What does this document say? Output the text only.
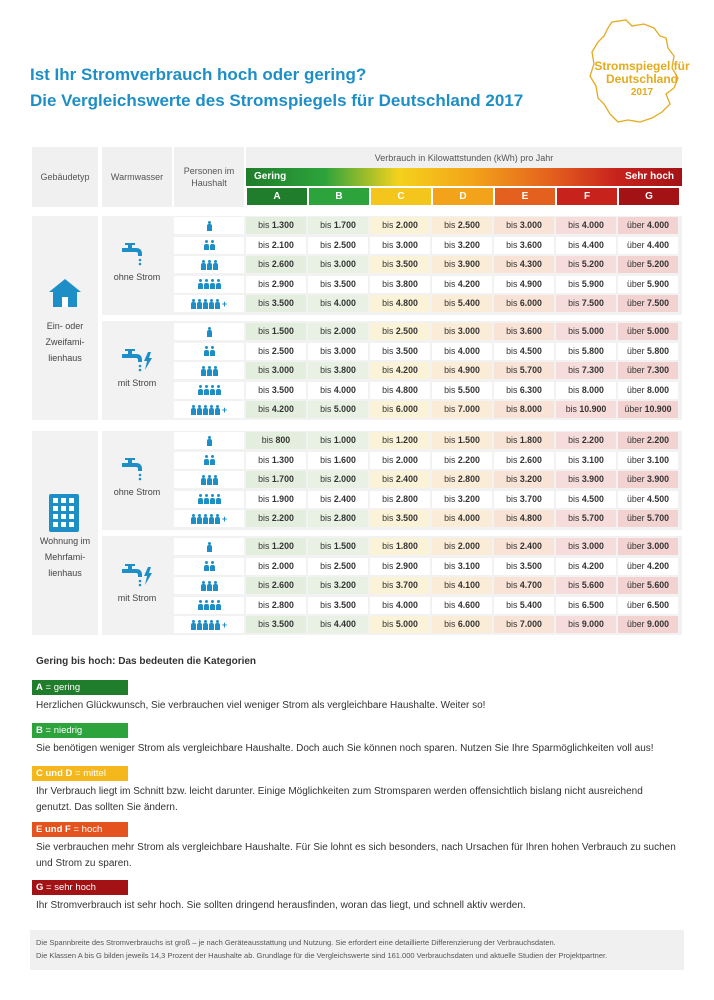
Ist Ihr Stromverbrauch hoch oder gering?
Die Vergleichswerte des Stromspiegels für Deutschland 2017
Stromspiegel für
Deutschland
2017
Gebäudetyp	Warmwasser
Personen im Haushalt
Verbrauch in Kilowattstunden (kWh) pro Jahr
Gering	Sehr hoch
A	B	C	D	E	F	G
Ein- oder
Zweifami-
lienhaus
ohne Strom
bis 1.300	bis 1.700	bis 2.000	bis 2.500	bis 3.000	bis 4.000	über 4.000
bis 2.100	bis 2.500	bis 3.000	bis 3.200	bis 3.600	bis 4.400	über 4.400
bis 2.600	bis 3.000	bis 3.500	bis 3.900	bis 4.300	bis 5.200	über 5.200
bis 2.900	bis 3.500	bis 3.800	bis 4.200	bis 4.900	bis 5.900	über 5.900
+	bis 3.500	bis 4.000	bis 4.800	bis 5.400	bis 6.000	bis 7.500	über 7.500
mit Strom
bis 1.500	bis 2.000	bis 2.500	bis 3.000	bis 3.600	bis 5.000	über 5.000
bis 2.500	bis 3.000	bis 3.500	bis 4.000	bis 4.500	bis 5.800	über 5.800
bis 3.000	bis 3.800	bis 4.200	bis 4.900	bis 5.700	bis 7.300	über 7.300
bis 3.500	bis 4.000	bis 4.800	bis 5.500	bis 6.300	bis 8.000	über 8.000
+	bis 4.200	bis 5.000	bis 6.000	bis 7.000	bis 8.000	bis 10.900	über 10.900
Wohnung im
Mehrfami-
lienhaus
ohne Strom
bis 800	bis 1.000	bis 1.200	bis 1.500	bis 1.800	bis 2.200	über 2.200
bis 1.300	bis 1.600	bis 2.000	bis 2.200	bis 2.600	bis 3.100	über 3.100
bis 1.700	bis 2.000	bis 2.400	bis 2.800	bis 3.200	bis 3.900	über 3.900
bis 1.900	bis 2.400	bis 2.800	bis 3.200	bis 3.700	bis 4.500	über 4.500
+	bis 2.200	bis 2.800	bis 3.500	bis 4.000	bis 4.800	bis 5.700	über 5.700
mit Strom
bis 1.200	bis 1.500	bis 1.800	bis 2.000	bis 2.400	bis 3.000	über 3.000
bis 2.000	bis 2.500	bis 2.900	bis 3.100	bis 3.500	bis 4.200	über 4.200
bis 2.600	bis 3.200	bis 3.700	bis 4.100	bis 4.700	bis 5.600	über 5.600
bis 2.800	bis 3.500	bis 4.000	bis 4.600	bis 5.400	bis 6.500	über 6.500
+	bis 3.500	bis 4.400	bis 5.000	bis 6.000	bis 7.000	bis 9.000	über 9.000
Gering bis hoch: Das bedeuten die Kategorien
A = gering
Herzlichen Glückwunsch, Sie verbrauchen viel weniger Strom als vergleichbare Haushalte. Weiter so!
B = niedrig
Sie benötigen weniger Strom als vergleichbare Haushalte. Doch auch Sie können noch sparen. Nutzen Sie Ihre Sparmöglichkeiten voll aus!
C und D = mittel
Ihr Verbrauch liegt im Schnitt bzw. leicht darunter. Einige Möglichkeiten zum Stromsparen werden offensichtlich bislang nicht ausreichend genutzt. Das sollten Sie ändern.
E und F = hoch
Sie verbrauchen mehr Strom als vergleichbare Haushalte. Für Sie lohnt es sich besonders, nach Ursachen für Ihren hohen Verbrauch zu suchen und Strom zu sparen.
G = sehr hoch
Ihr Stromverbrauch ist sehr hoch. Sie sollten dringend herausfinden, woran das liegt, und schnell aktiv werden.
Die Spannbreite des Stromverbrauchs ist groß – je nach Geräteausstattung und Nutzung. Sie erfordert eine detaillierte Differenzierung der Verbrauchsdaten.
Die Klassen A bis G bilden jeweils 14,3 Prozent der Haushalte ab. Grundlage für die Vergleichswerte sind 161.000 Verbrauchsdaten und aktuelle Studien der Projektpartner.
